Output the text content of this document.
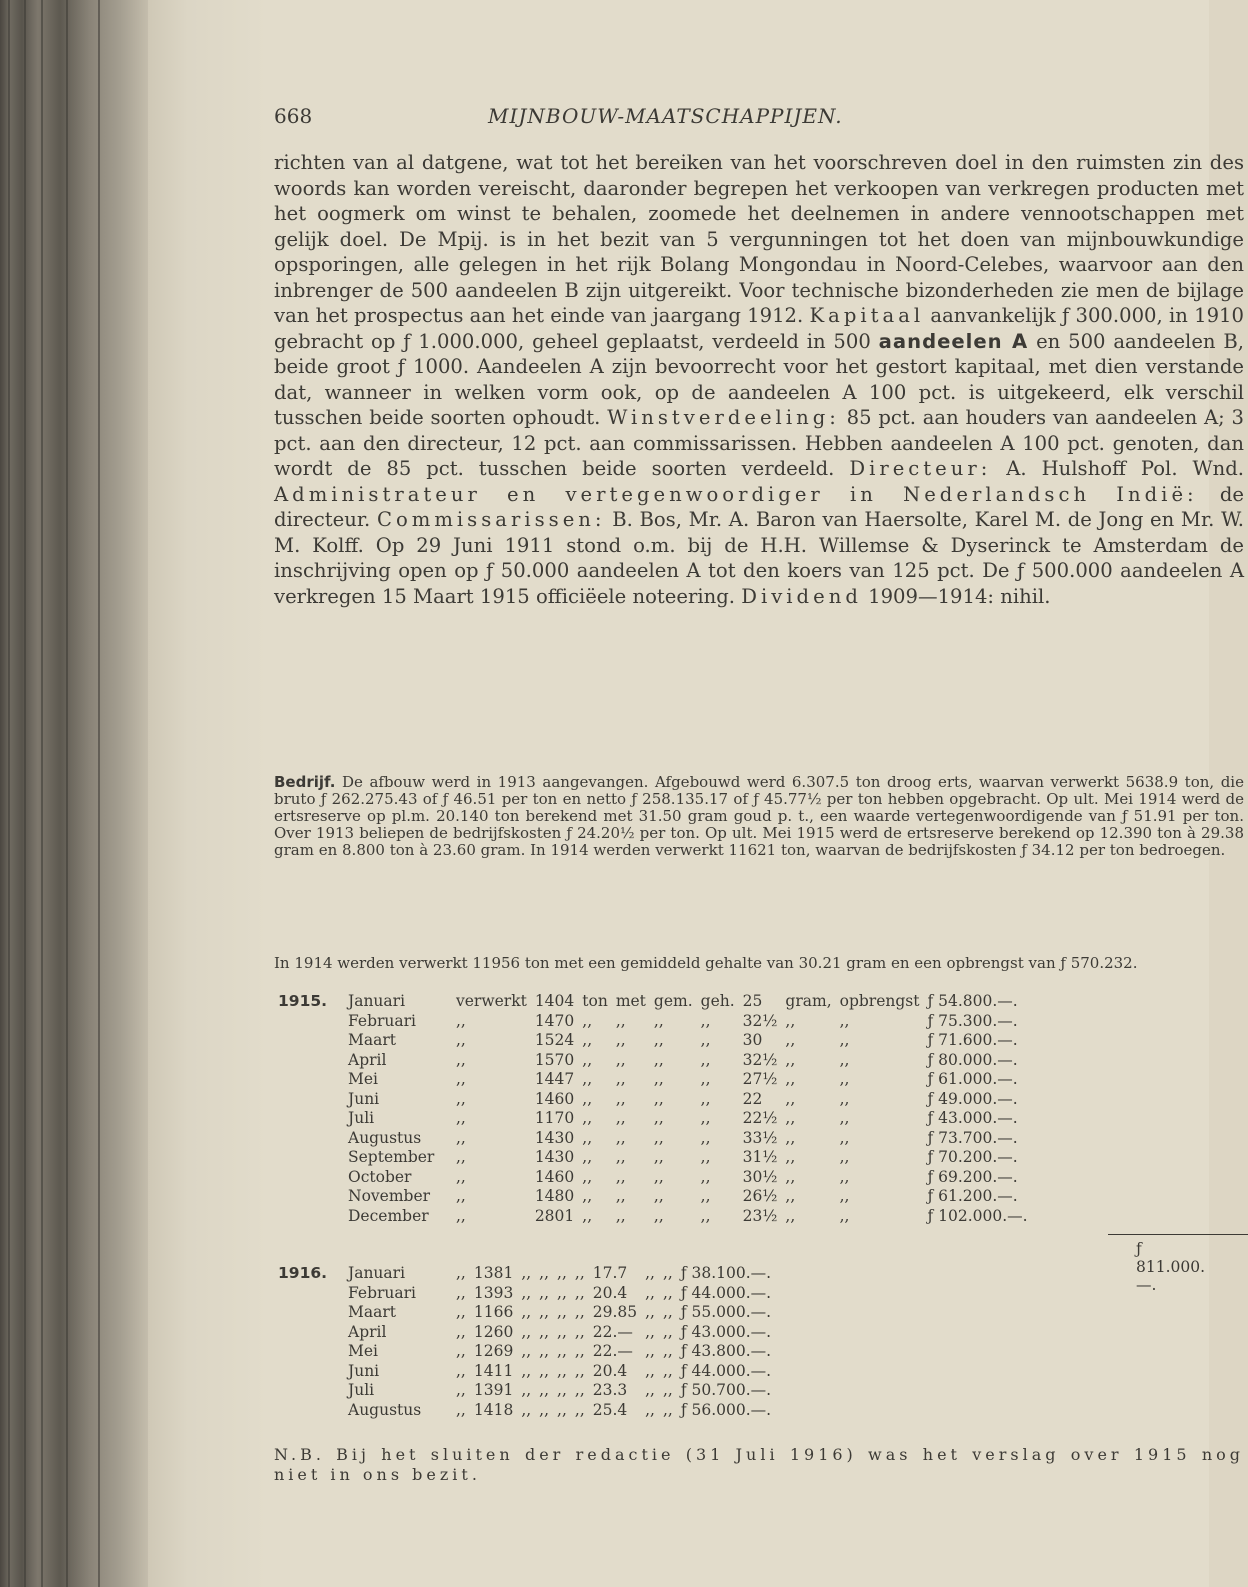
668	MIJNBOUW-MAATSCHAPPIJEN.

richten van al datgene, wat tot het bereiken van het voorschreven doel in den ruimsten zin des woords kan worden vereischt, daaronder begrepen het verkoopen van verkregen producten met het oogmerk om winst te behalen, zoomede het deelnemen in andere vennootschappen met gelijk doel. De Mpij. is in het bezit van 5 vergunningen tot het doen van mijnbouwkundige opsporingen, alle gelegen in het rijk Bolang Mongondau in Noord-Celebes, waarvoor aan den inbrenger de 500 aandeelen B zijn uitgereikt. Voor technische bizonderheden zie men de bijlage van het prospectus aan het einde van jaargang 1912. Kapitaal aanvankelijk ƒ 300.000, in 1910 gebracht op ƒ 1.000.000, geheel geplaatst, verdeeld in 500 aandeelen A en 500 aandeelen B, beide groot ƒ 1000. Aandeelen A zijn bevoorrecht voor het gestort kapitaal, met dien verstande dat, wanneer in welken vorm ook, op de aandeelen A 100 pct. is uitgekeerd, elk verschil tusschen beide soorten ophoudt. Winstverdeeling: 85 pct. aan houders van aandeelen A; 3 pct. aan den directeur, 12 pct. aan commissarissen. Hebben aandeelen A 100 pct. genoten, dan wordt de 85 pct. tusschen beide soorten verdeeld. Directeur: A. Hulshoff Pol. Wnd. Administrateur en vertegenwoordiger in Nederlandsch Indië: de directeur. Commissarissen: B. Bos, Mr. A. Baron van Haersolte, Karel M. de Jong en Mr. W. M. Kolff. Op 29 Juni 1911 stond o.m. bij de H.H. Willemse & Dyserinck te Amsterdam de inschrijving open op ƒ 50.000 aandeelen A tot den koers van 125 pct. De ƒ 500.000 aandeelen A verkregen 15 Maart 1915 officiëele noteering. Dividend 1909—1914: nihil.

Bedrijf. De afbouw werd in 1913 aangevangen. Afgebouwd werd 6.307.5 ton droog erts, waarvan verwerkt 5638.9 ton, die bruto ƒ 262.275.43 of ƒ 46.51 per ton en netto ƒ 258.135.17 of ƒ 45.77½ per ton hebben opgebracht. Op ult. Mei 1914 werd de ertsreserve op pl.m. 20.140 ton berekend met 31.50 gram goud p. t., een waarde vertegenwoordigende van ƒ 51.91 per ton. Over 1913 beliepen de bedrijfskosten ƒ 24.20½ per ton. Op ult. Mei 1915 werd de ertsreserve berekend op 12.390 ton à 29.38 gram en 8.800 ton à 23.60 gram. In 1914 werden verwerkt 11621 ton, waarvan de bedrijfskosten ƒ 34.12 per ton bedroegen.

In 1914 werden verwerkt 11956 ton met een gemiddeld gehalte van 30.21 gram en een opbrengst van ƒ 570.232.

1915.	Januari	verwerkt	1404	ton	met	gem.	geh.	25	gram,	opbrengst	ƒ 54.800.—.
	Februari	,,	1470	,,	,,	,,	,,	32½	,,	,,	ƒ 75.300.—.
	Maart	,,	1524	,,	,,	,,	,,	30	,,	,,	ƒ 71.600.—.
	April	,,	1570	,,	,,	,,	,,	32½	,,	,,	ƒ 80.000.—.
	Mei	,,	1447	,,	,,	,,	,,	27½	,,	,,	ƒ 61.000.—.
	Juni	,,	1460	,,	,,	,,	,,	22	,,	,,	ƒ 49.000.—.
	Juli	,,	1170	,,	,,	,,	,,	22½	,,	,,	ƒ 43.000.—.
	Augustus	,,	1430	,,	,,	,,	,,	33½	,,	,,	ƒ 73.700.—.
	September	,,	1430	,,	,,	,,	,,	31½	,,	,,	ƒ 70.200.—.
	October	,,	1460	,,	,,	,,	,,	30½	,,	,,	ƒ 69.200.—.
	November	,,	1480	,,	,,	,,	,,	26½	,,	,,	ƒ 61.200.—.
	December	,,	2801	,,	,,	,,	,,	23½	,,	,,	ƒ 102.000.—.
ƒ 811.000.—.
1916.	Januari	,,	1381	,,	,,	,,	,,	17.7	,,	,,	ƒ 38.100.—.
	Februari	,,	1393	,,	,,	,,	,,	20.4	,,	,,	ƒ 44.000.—.
	Maart	,,	1166	,,	,,	,,	,,	29.85	,,	,,	ƒ 55.000.—.
	April	,,	1260	,,	,,	,,	,,	22.—	,,	,,	ƒ 43.000.—.
	Mei	,,	1269	,,	,,	,,	,,	22.—	,,	,,	ƒ 43.800.—.
	Juni	,,	1411	,,	,,	,,	,,	20.4	,,	,,	ƒ 44.000.—.
	Juli	,,	1391	,,	,,	,,	,,	23.3	,,	,,	ƒ 50.700.—.
	Augustus	,,	1418	,,	,,	,,	,,	25.4	,,	,,	ƒ 56.000.—.

N.B. Bij het sluiten der redactie (31 Juli 1916) was het verslag over 1915 nog niet in ons bezit.
